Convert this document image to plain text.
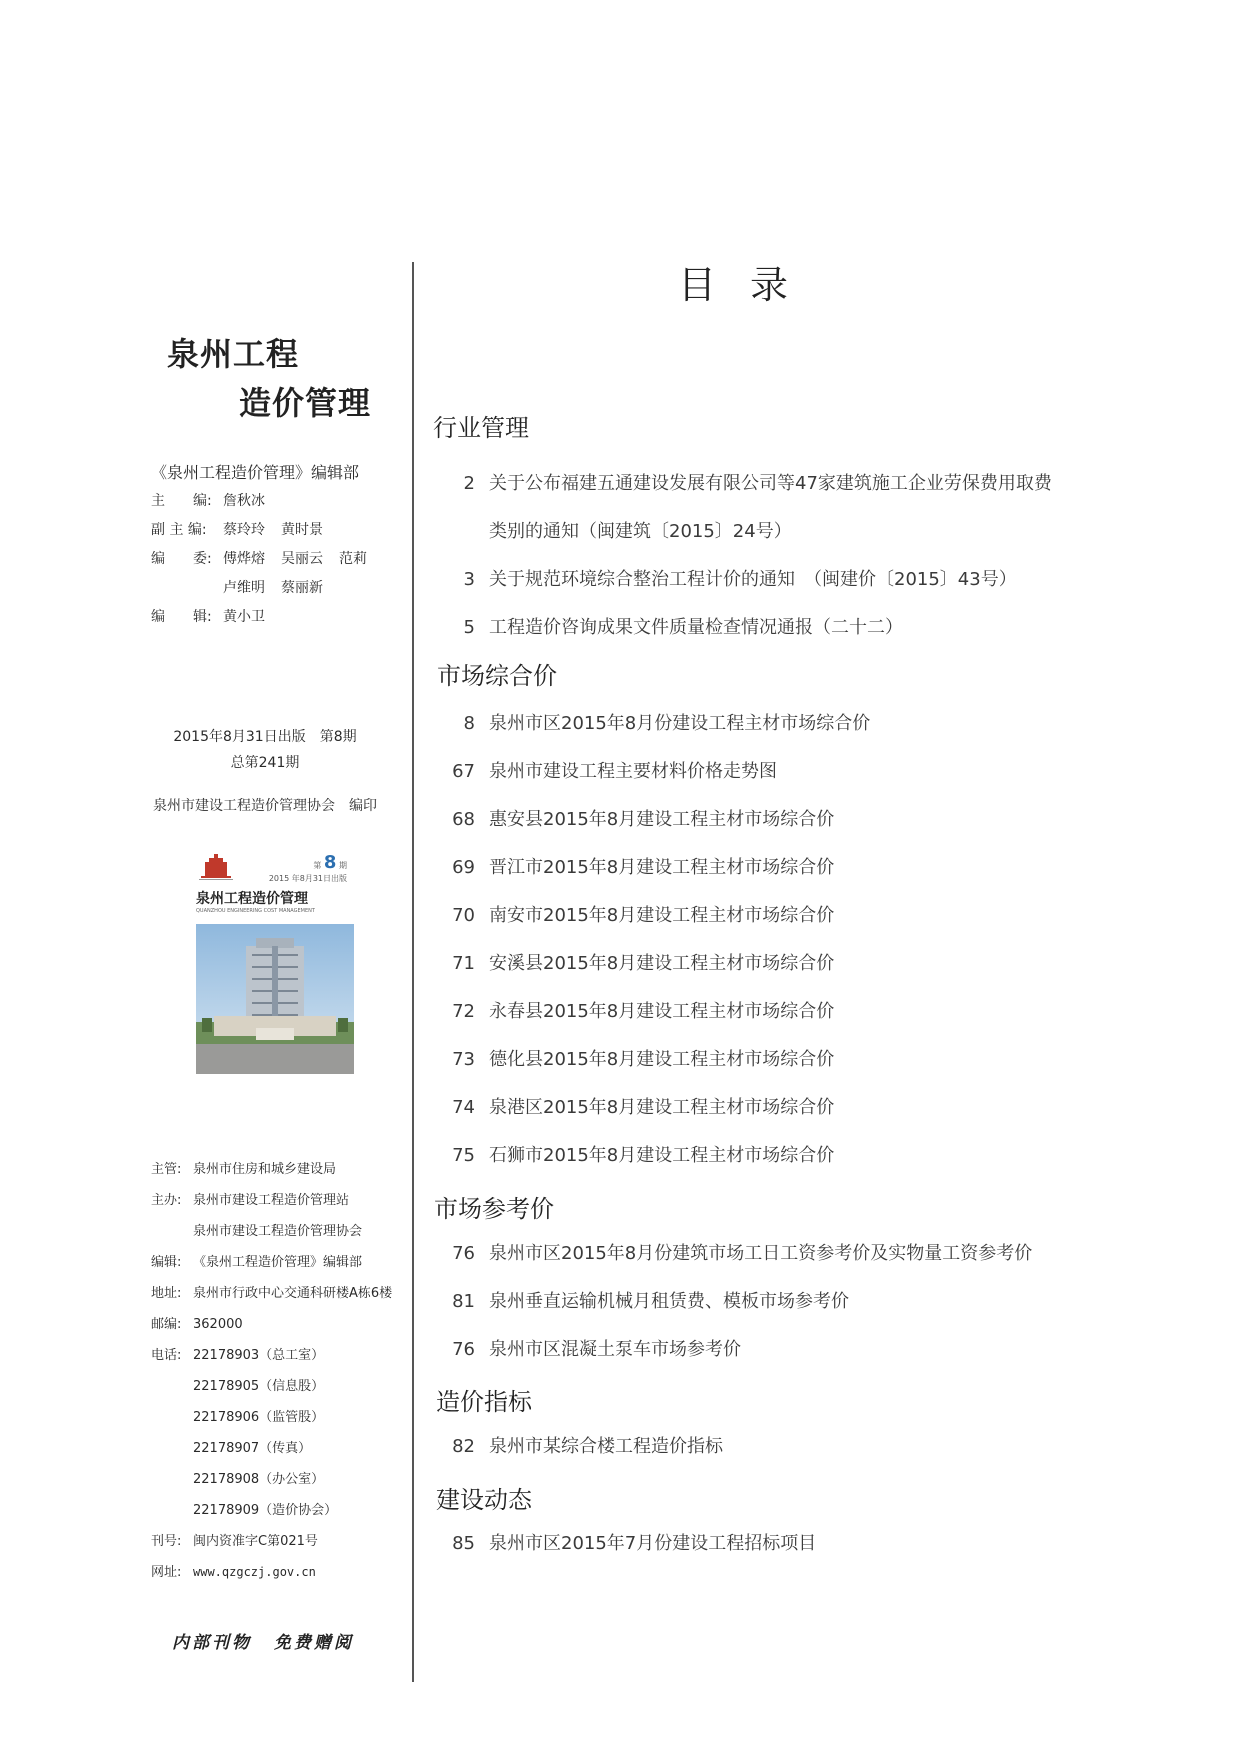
泉州工程
造价管理
《泉州工程造价管理》编辑部
主　　编: 詹秋冰
副 主 编: 蔡玲玲 黄时景
编　　委: 傅烨熔 吴丽云 范莉
卢维明 蔡丽新
编　　辑: 黄小卫
2015年8月31日出版　第8期
总第241期
泉州市建设工程造价管理协会　编印
第 8 期
2015 年8月31日出版
泉州工程造价管理
QUANZHOU ENGINEERING COST MANAGEMENT
主管: 泉州市住房和城乡建设局
主办: 泉州市建设工程造价管理站
泉州市建设工程造价管理协会
编辑: 《泉州工程造价管理》编辑部
地址: 泉州市行政中心交通科研楼A栋6楼
邮编: 362000
电话: 22178903（总工室）
22178905（信息股）
22178906（监管股）
22178907（传真）
22178908（办公室）
22178909（造价协会）
刊号: 闽内资准字C第021号
网址: www.qzgczj.gov.cn
内部刊物 免费赠阅
目录
行业管理
2 关于公布福建五通建设发展有限公司等47家建筑施工企业劳保费用取费
类别的通知（闽建筑〔2015〕24号）
3 关于规范环境综合整治工程计价的通知　（闽建价〔2015〕43号）
5 工程造价咨询成果文件质量检查情况通报（二十二）
市场综合价
8 泉州市区2015年8月份建设工程主材市场综合价
67 泉州市建设工程主要材料价格走势图
68 惠安县2015年8月建设工程主材市场综合价
69 晋江市2015年8月建设工程主材市场综合价
70 南安市2015年8月建设工程主材市场综合价
71 安溪县2015年8月建设工程主材市场综合价
72 永春县2015年8月建设工程主材市场综合价
73 德化县2015年8月建设工程主材市场综合价
74 泉港区2015年8月建设工程主材市场综合价
75 石狮市2015年8月建设工程主材市场综合价
市场参考价
76 泉州市区2015年8月份建筑市场工日工资参考价及实物量工资参考价
81 泉州垂直运输机械月租赁费、模板市场参考价
76 泉州市区混凝土泵车市场参考价
造价指标
82 泉州市某综合楼工程造价指标
建设动态
85 泉州市区2015年7月份建设工程招标项目
